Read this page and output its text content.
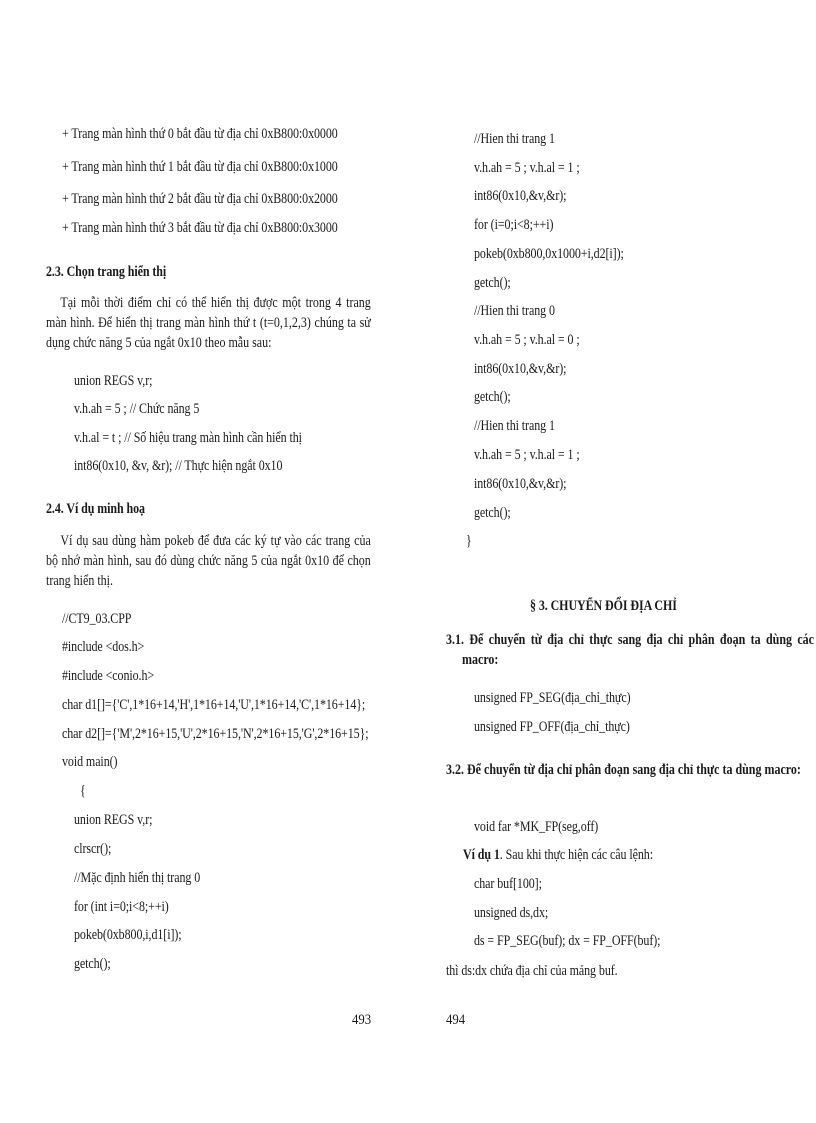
+ Trang màn hình thứ 0 bắt đầu từ địa chỉ 0xB800:0x0000
+ Trang màn hình thứ 1 bắt đầu từ địa chỉ 0xB800:0x1000
+ Trang màn hình thứ 2 bắt đầu từ địa chỉ 0xB800:0x2000
+ Trang màn hình thứ 3 bắt đầu từ địa chỉ 0xB800:0x3000
2.3. Chọn trang hiển thị
Tại mỗi thời điểm chỉ có thể hiển thị được một trong 4 trang màn hình. Để hiển thị trang màn hình thứ t (t=0,1,2,3) chúng ta sử dụng chức năng 5 của ngắt 0x10 theo mẫu sau:
union REGS v,r;
v.h.ah = 5 ; // Chức năng 5
v.h.al = t ; // Số hiệu trang màn hình cần hiển thị
int86(0x10, &v, &r); // Thực hiện ngắt 0x10
2.4. Ví dụ minh hoạ
Ví dụ sau dùng hàm pokeb để đưa các ký tự vào các trang của bộ nhớ màn hình, sau đó dùng chức năng 5 của ngắt 0x10 để chọn trang hiển thị.
//CT9_03.CPP
#include <dos.h>
#include <conio.h>
char d1[]={'C',1*16+14,'H',1*16+14,'U',1*16+14,'C',1*16+14};
char d2[]={'M',2*16+15,'U',2*16+15,'N',2*16+15,'G',2*16+15};
void main()
{
union REGS v,r;
clrscr();
//Mặc định hiển thị trang 0
for (int i=0;i<8;++i)
pokeb(0xb800,i,d1[i]);
getch();
493
//Hien thi trang 1
v.h.ah = 5 ; v.h.al = 1 ;
int86(0x10,&v,&r);
for (i=0;i<8;++i)
pokeb(0xb800,0x1000+i,d2[i]);
getch();
//Hien thi trang 0
v.h.ah = 5 ; v.h.al = 0 ;
int86(0x10,&v,&r);
getch();
//Hien thi trang 1
v.h.ah = 5 ; v.h.al = 1 ;
int86(0x10,&v,&r);
getch();
}
§ 3. CHUYỂN ĐỔI ĐỊA CHỈ
3.1. Để chuyển từ địa chỉ thực sang địa chỉ phân đoạn ta dùng các macro:
unsigned FP_SEG(địa_chỉ_thực)
unsigned FP_OFF(địa_chỉ_thực)
3.2. Để chuyển từ địa chỉ phân đoạn sang địa chỉ thực ta dùng macro:
void far *MK_FP(seg,off)
Ví dụ 1. Sau khi thực hiện các câu lệnh:
char buf[100];
unsigned ds,dx;
ds = FP_SEG(buf); dx = FP_OFF(buf);
thì ds:dx chứa địa chỉ của mảng buf.
494
